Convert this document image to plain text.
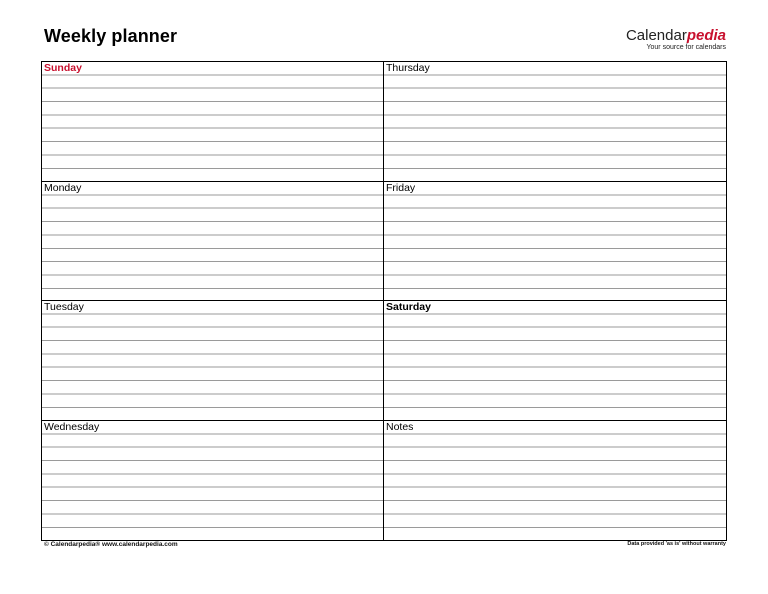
Weekly planner	Calendarpedia
Your source for calendars
Sunday	Thursday
Monday	Friday
Tuesday	Saturday
Wednesday	Notes
© Calendarpedia® www.calendarpedia.com	Data provided 'as is' without warranty
